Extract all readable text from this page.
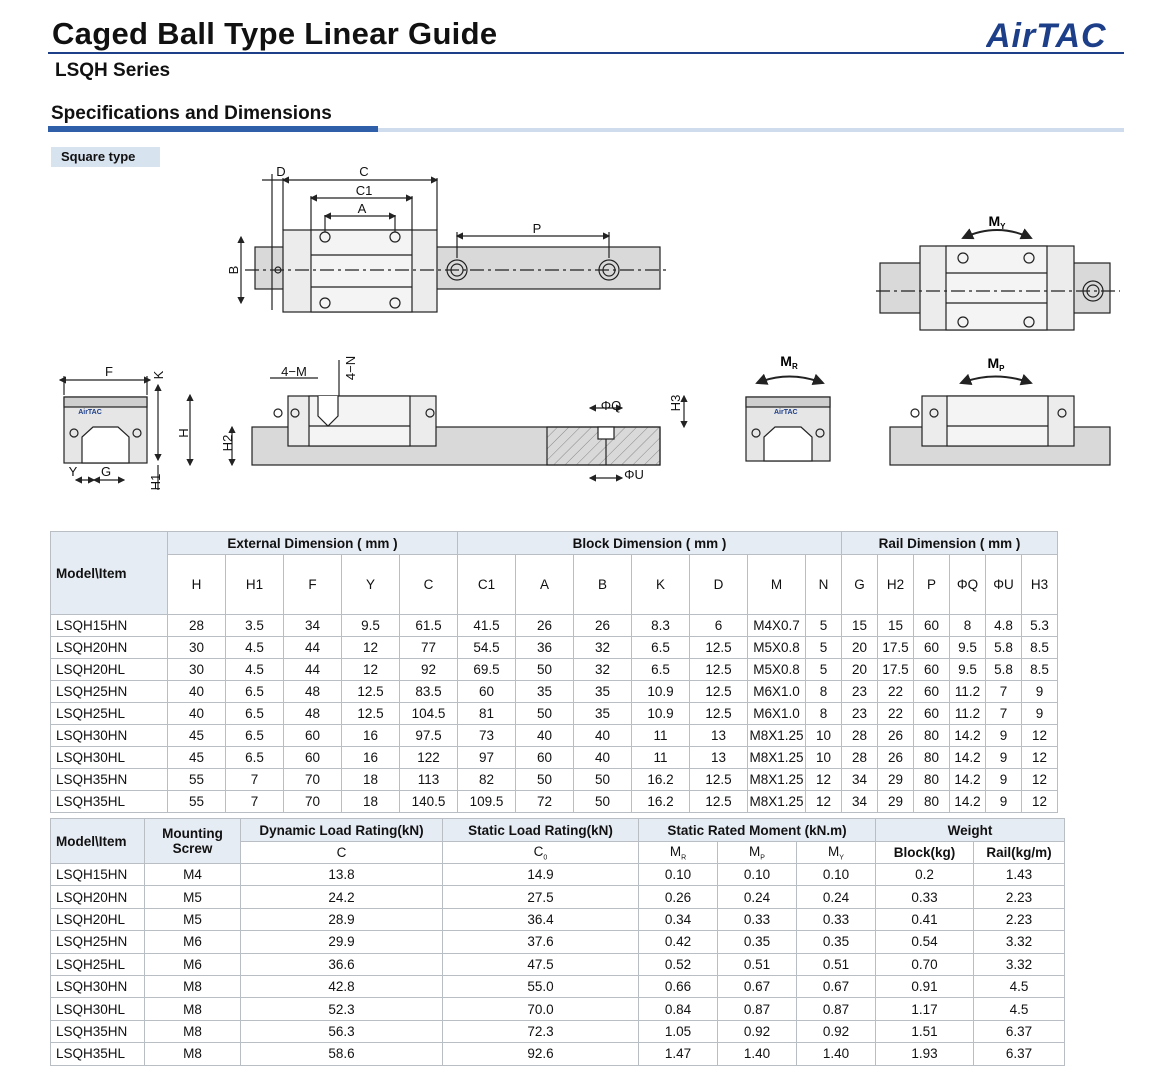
Caged Ball Type Linear Guide
LSQH Series
AirTAC
Specifications and Dimensions
Square type
D	C
C1
A
P
B
F	K
H
Y G
H1
AirTAC
4−M	4−N
H2
H3
ΦQ
ΦU
$M_Y$
$M_R$
AirTAC
$M_P$
Model\Item	External Dimension ( mm )					Block Dimension ( mm )							Rail Dimension ( mm )					
	H	H1	F	Y	C	C1	A	B	K	D	M	N	G	H2	P	ΦQ	ΦU	H3
LSQH15HN	28	3.5	34	9.5	61.5	41.5	26	26	8.3	6	M4X0.7	5	15	15	60	8	4.8	5.3
LSQH20HN	30	4.5	44	12	77	54.5	36	32	6.5	12.5	M5X0.8	5	20	17.5	60	9.5	5.8	8.5
LSQH20HL	30	4.5	44	12	92	69.5	50	32	6.5	12.5	M5X0.8	5	20	17.5	60	9.5	5.8	8.5
LSQH25HN	40	6.5	48	12.5	83.5	60	35	35	10.9	12.5	M6X1.0	8	23	22	60	11.2	7	9
LSQH25HL	40	6.5	48	12.5	104.5	81	50	35	10.9	12.5	M6X1.0	8	23	22	60	11.2	7	9
LSQH30HN	45	6.5	60	16	97.5	73	40	40	11	13	M8X1.25	10	28	26	80	14.2	9	12
LSQH30HL	45	6.5	60	16	122	97	60	40	11	13	M8X1.25	10	28	26	80	14.2	9	12
LSQH35HN	55	7	70	18	113	82	50	50	16.2	12.5	M8X1.25	12	34	29	80	14.2	9	12
LSQH35HL	55	7	70	18	140.5	109.5	72	50	16.2	12.5	M8X1.25	12	34	29	80	14.2	9	12
Model\Item	Mounting Screw	Dynamic Load Rating(kN)	Static Load Rating(kN)	Static Rated Moment (kN.m)			Weight	
		C	$C_0$	$M_R$	$M_P$	$M_Y$	Block(kg)	Rail(kg/m)
LSQH15HN	M4	13.8	14.9	0.10	0.10	0.10	0.2	1.43
LSQH20HN	M5	24.2	27.5	0.26	0.24	0.24	0.33	2.23
LSQH20HL	M5	28.9	36.4	0.34	0.33	0.33	0.41	2.23
LSQH25HN	M6	29.9	37.6	0.42	0.35	0.35	0.54	3.32
LSQH25HL	M6	36.6	47.5	0.52	0.51	0.51	0.70	3.32
LSQH30HN	M8	42.8	55.0	0.66	0.67	0.67	0.91	4.5
LSQH30HL	M8	52.3	70.0	0.84	0.87	0.87	1.17	4.5
LSQH35HN	M8	56.3	72.3	1.05	0.92	0.92	1.51	6.37
LSQH35HL	M8	58.6	92.6	1.47	1.40	1.40	1.93	6.37
